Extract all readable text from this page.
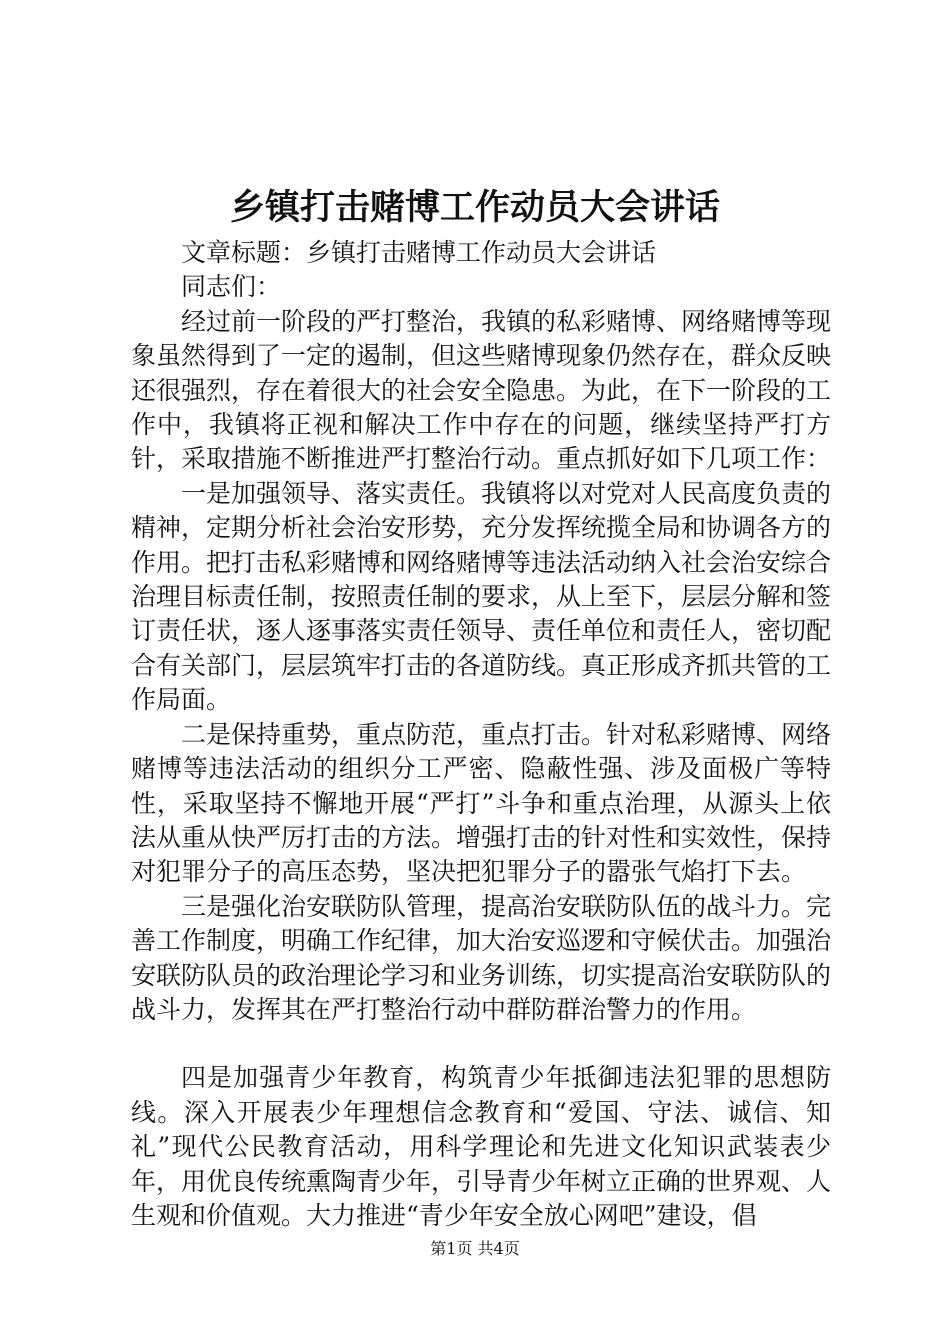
乡镇打击赌博工作动员大会讲话

文章标题：乡镇打击赌博工作动员大会讲话

同志们：

经过前一阶段的严打整治，我镇的私彩赌博、网络赌博等现象虽然得到了一定的遏制，但这些赌博现象仍然存在，群众反映还很强烈，存在着很大的社会安全隐患。为此，在下一阶段的工作中，我镇将正视和解决工作中存在的问题，继续坚持严打方针，采取措施不断推进严打整治行动。重点抓好如下几项工作：

一是加强领导、落实责任。我镇将以对党对人民高度负责的精神，定期分析社会治安形势，充分发挥统揽全局和协调各方的作用。把打击私彩赌博和网络赌博等违法活动纳入社会治安综合治理目标责任制，按照责任制的要求，从上至下，层层分解和签订责任状，逐人逐事落实责任领导、责任单位和责任人，密切配合有关部门，层层筑牢打击的各道防线。真正形成齐抓共管的工作局面。

二是保持重势，重点防范，重点打击。针对私彩赌博、网络赌博等违法活动的组织分工严密、隐蔽性强、涉及面极广等特性，采取坚持不懈地开展“严打”斗争和重点治理，从源头上依法从重从快严厉打击的方法。增强打击的针对性和实效性，保持对犯罪分子的高压态势，坚决把犯罪分子的嚣张气焰打下去。

三是强化治安联防队管理，提高治安联防队伍的战斗力。完善工作制度，明确工作纪律，加大治安巡逻和守候伏击。加强治安联防队员的政治理论学习和业务训练，切实提高治安联防队的战斗力，发挥其在严打整治行动中群防群治警力的作用。

四是加强青少年教育，构筑青少年抵御违法犯罪的思想防线。深入开展表少年理想信念教育和“爱国、守法、诚信、知礼”现代公民教育活动，用科学理论和先进文化知识武装表少年，用优良传统熏陶青少年，引导青少年树立正确的世界观、人生观和价值观。大力推进“青少年安全放心网吧”建设，倡

第1页 共4页
